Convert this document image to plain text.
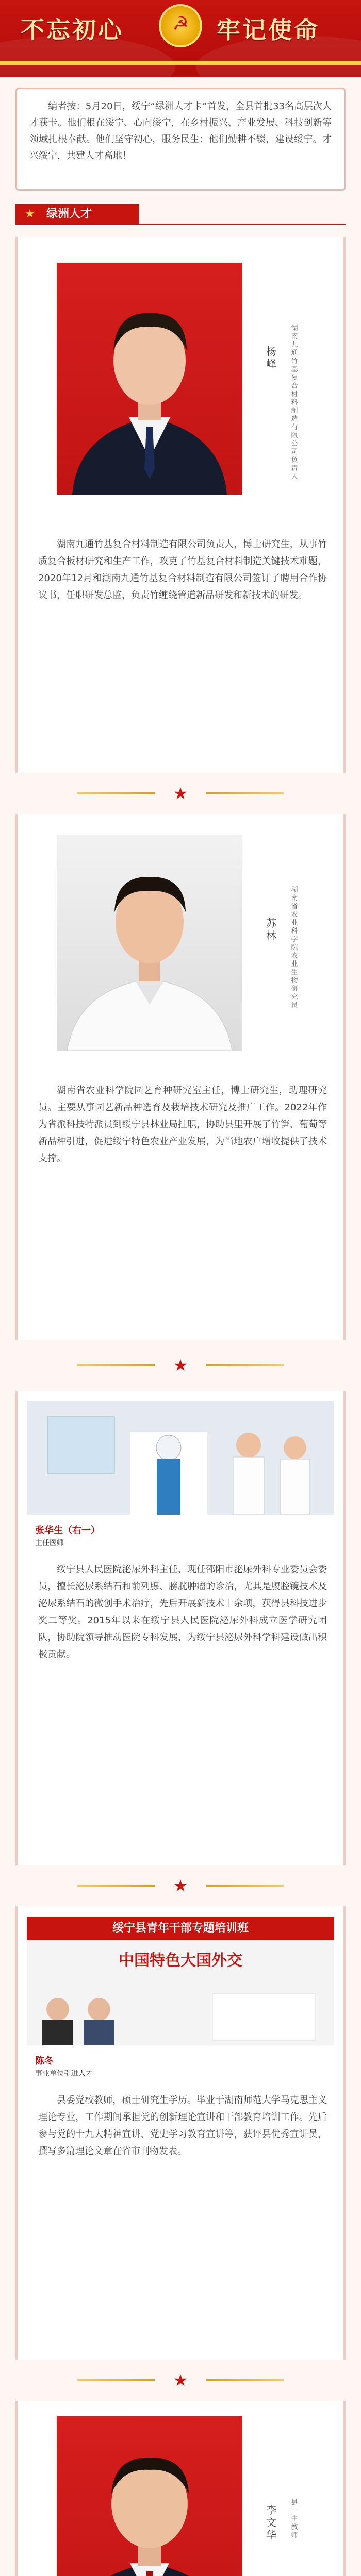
不忘初心	☭	牢记使命

编者按：5月20日，绥宁“绿洲人才卡”首发，全县首批33名高层次人才获卡。他们根在绥宁、心向绥宁，在乡村振兴、产业发展、科技创新等领域扎根奉献。他们坚守初心，服务民生；他们勤耕不辍，建设绥宁。才兴绥宁，共建人才高地！

★ 绿洲人才
杨峰
湖南九通竹基复合材料制造有限公司负责人

湖南九通竹基复合材料制造有限公司负责人，博士研究生，从事竹质复合板材研究和生产工作，攻克了竹基复合材料制造关键技术难题，2020年12月和湖南九通竹基复合材料制造有限公司签订了聘用合作协议书，任职研发总监，负责竹缠绕管道新品研发和新技术的研发。

★
苏林
湖南省农业科学院农业生物研究员

湖南省农业科学院园艺育种研究室主任，博士研究生，助理研究员。主要从事园艺新品种选育及栽培技术研究及推广工作。2022年作为省派科技特派员到绥宁县林业局挂职，协助县里开展了竹笋、葡萄等新品种引进，促进绥宁特色农业产业发展，为当地农户增收提供了技术支撑。

★
张华生（右一）
主任医师

绥宁县人民医院泌尿外科主任，现任邵阳市泌尿外科专业委员会委员，擅长泌尿系结石和前列腺、膀胱肿瘤的诊治，尤其是腹腔镜技术及泌尿系结石的微创手术治疗，先后开展新技术十余项，获得县科技进步奖二等奖。2015年以来在绥宁县人民医院泌尿外科成立医学研究团队，协助院领导推动医院专科发展，为绥宁县泌尿外科学科建设做出积极贡献。

★
绥宁县青年干部专题培训班
中国特色大国外交
陈冬
事业单位引进人才

县委党校教师，硕士研究生学历。毕业于湖南师范大学马克思主义理论专业，工作期间承担党的创新理论宣讲和干部教育培训工作。先后参与党的十九大精神宣讲、党史学习教育宣讲等，获评县优秀宣讲员，撰写多篇理论文章在省市刊物发表。

★
李文华
县一中教师
